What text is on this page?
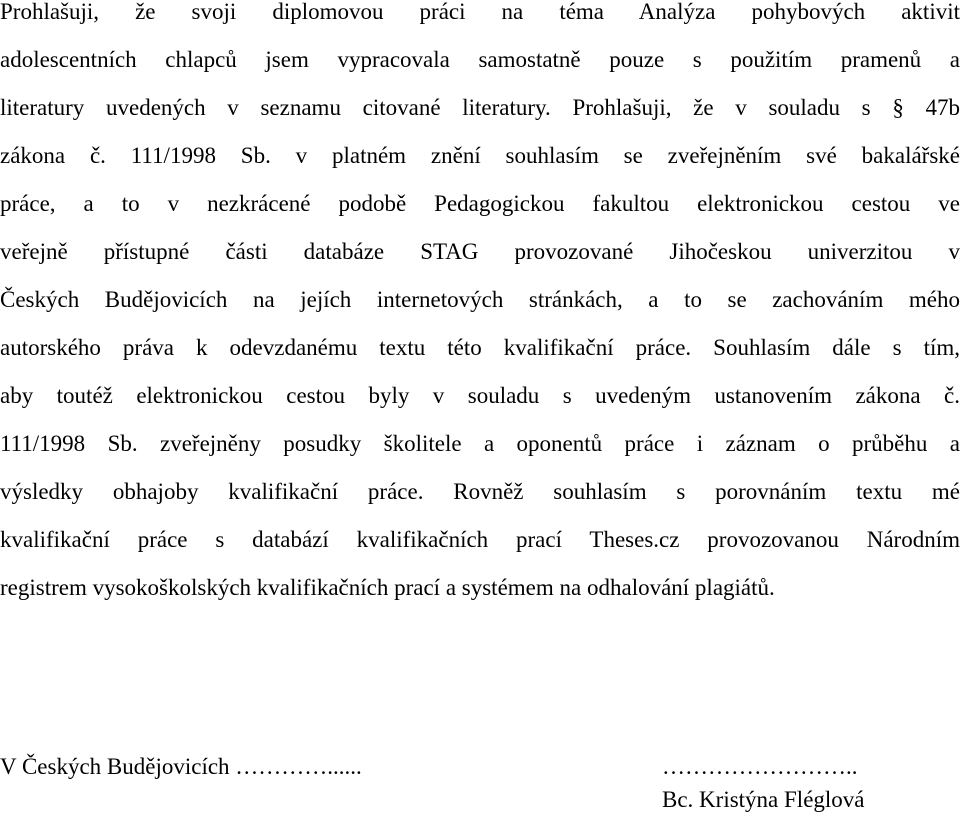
Prohlašuji, že svoji diplomovou práci na téma Analýza pohybových aktivit
adolescentních chlapců jsem vypracovala samostatně pouze s použitím pramenů a
literatury uvedených v seznamu citované literatury. Prohlašuji, že v souladu s § 47b
zákona č. 111/1998 Sb. v platném znění souhlasím se zveřejněním své bakalářské
práce, a to v nezkrácené podobě Pedagogickou fakultou elektronickou cestou ve
veřejně přístupné části databáze STAG provozované Jihočeskou univerzitou v
Českých Budějovicích na jejích internetových stránkách, a to se zachováním mého
autorského práva k odevzdanému textu této kvalifikační práce. Souhlasím dále s tím,
aby toutéž elektronickou cestou byly v souladu s uvedeným ustanovením zákona č.
111/1998 Sb. zveřejněny posudky školitele a oponentů práce i záznam o průběhu a
výsledky obhajoby kvalifikační práce. Rovněž souhlasím s porovnáním textu mé
kvalifikační práce s databází kvalifikačních prací Theses.cz provozovanou Národním
registrem vysokoškolských kvalifikačních prací a systémem na odhalování plagiátů.
V Českých Budějovicích …………......	……………………..
Bc. Kristýna Fléglová
